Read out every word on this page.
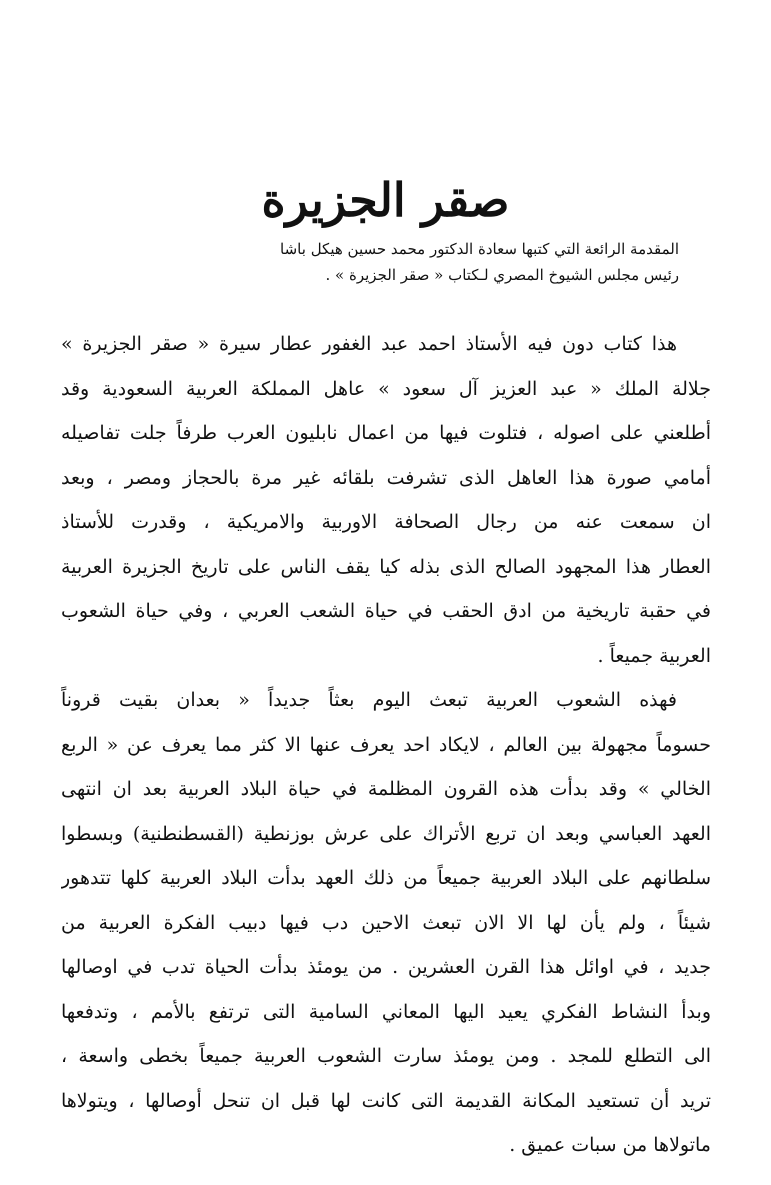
صقر الجزيرة
المقدمة الرائعة التي كتبها سعادة الدكتور محمد حسين هيكل باشا
رئيس مجلس الشيوخ المصري لـكتاب « صقر الجزيرة » .
هذا كتاب دون فيه الأستاذ احمد عبد الغفور عطار سيرة « صقر الجزيرة »
جلالة الملك « عبد العزيز آل سعود » عاهل المملكة العربية السعودية وقد
أطلعني على اصوله ، فتلوت فيها من اعمال نابليون العرب طرفاً جلت تفاصيله
أمامي صورة هذا العاهل الذى تشرفت بلقائه غير مرة بالحجاز ومصر ، وبعد
ان سمعت عنه من رجال الصحافة الاوربية والامريكية ، وقدرت للأستاذ
العطار هذا المجهود الصالح الذى بذله كيا يقف الناس على تاريخ الجزيرة العربية
في حقبة تاريخية من ادق الحقب في حياة الشعب العربي ، وفي حياة الشعوب
العربية جميعاً .
فهذه الشعوب العربية تبعث اليوم بعثاً جديداً « بعدان بقيت قروناً
حسوماً مجهولة بين العالم ، لايكاد احد يعرف عنها الا كثر مما يعرف عن « الربع
الخالي » وقد بدأت هذه القرون المظلمة في حياة البلاد العربية بعد ان انتهى
العهد العباسي وبعد ان تربع الأتراك على عرش بوزنطية (القسطنطنية) وبسطوا
سلطانهم على البلاد العربية جميعاً من ذلك العهد بدأت البلاد العربية كلها تتدهور
شيئاً ، ولم يأن لها الا الان تبعث الاحين دب فيها دبيب الفكرة العربية من
جديد ، في اوائل هذا القرن العشرين . من يومئذ بدأت الحياة تدب في اوصالها
وبدأ النشاط الفكري يعيد اليها المعاني السامية التى ترتفع بالأمم ، وتدفعها
الى التطلع للمجد . ومن يومئذ سارت الشعوب العربية جميعاً بخطى واسعة ،
تريد أن تستعيد المكانة القديمة التى كانت لها قبل ان تنحل أوصالها ، ويتولاها
ماتولاها من سبات عميق .
